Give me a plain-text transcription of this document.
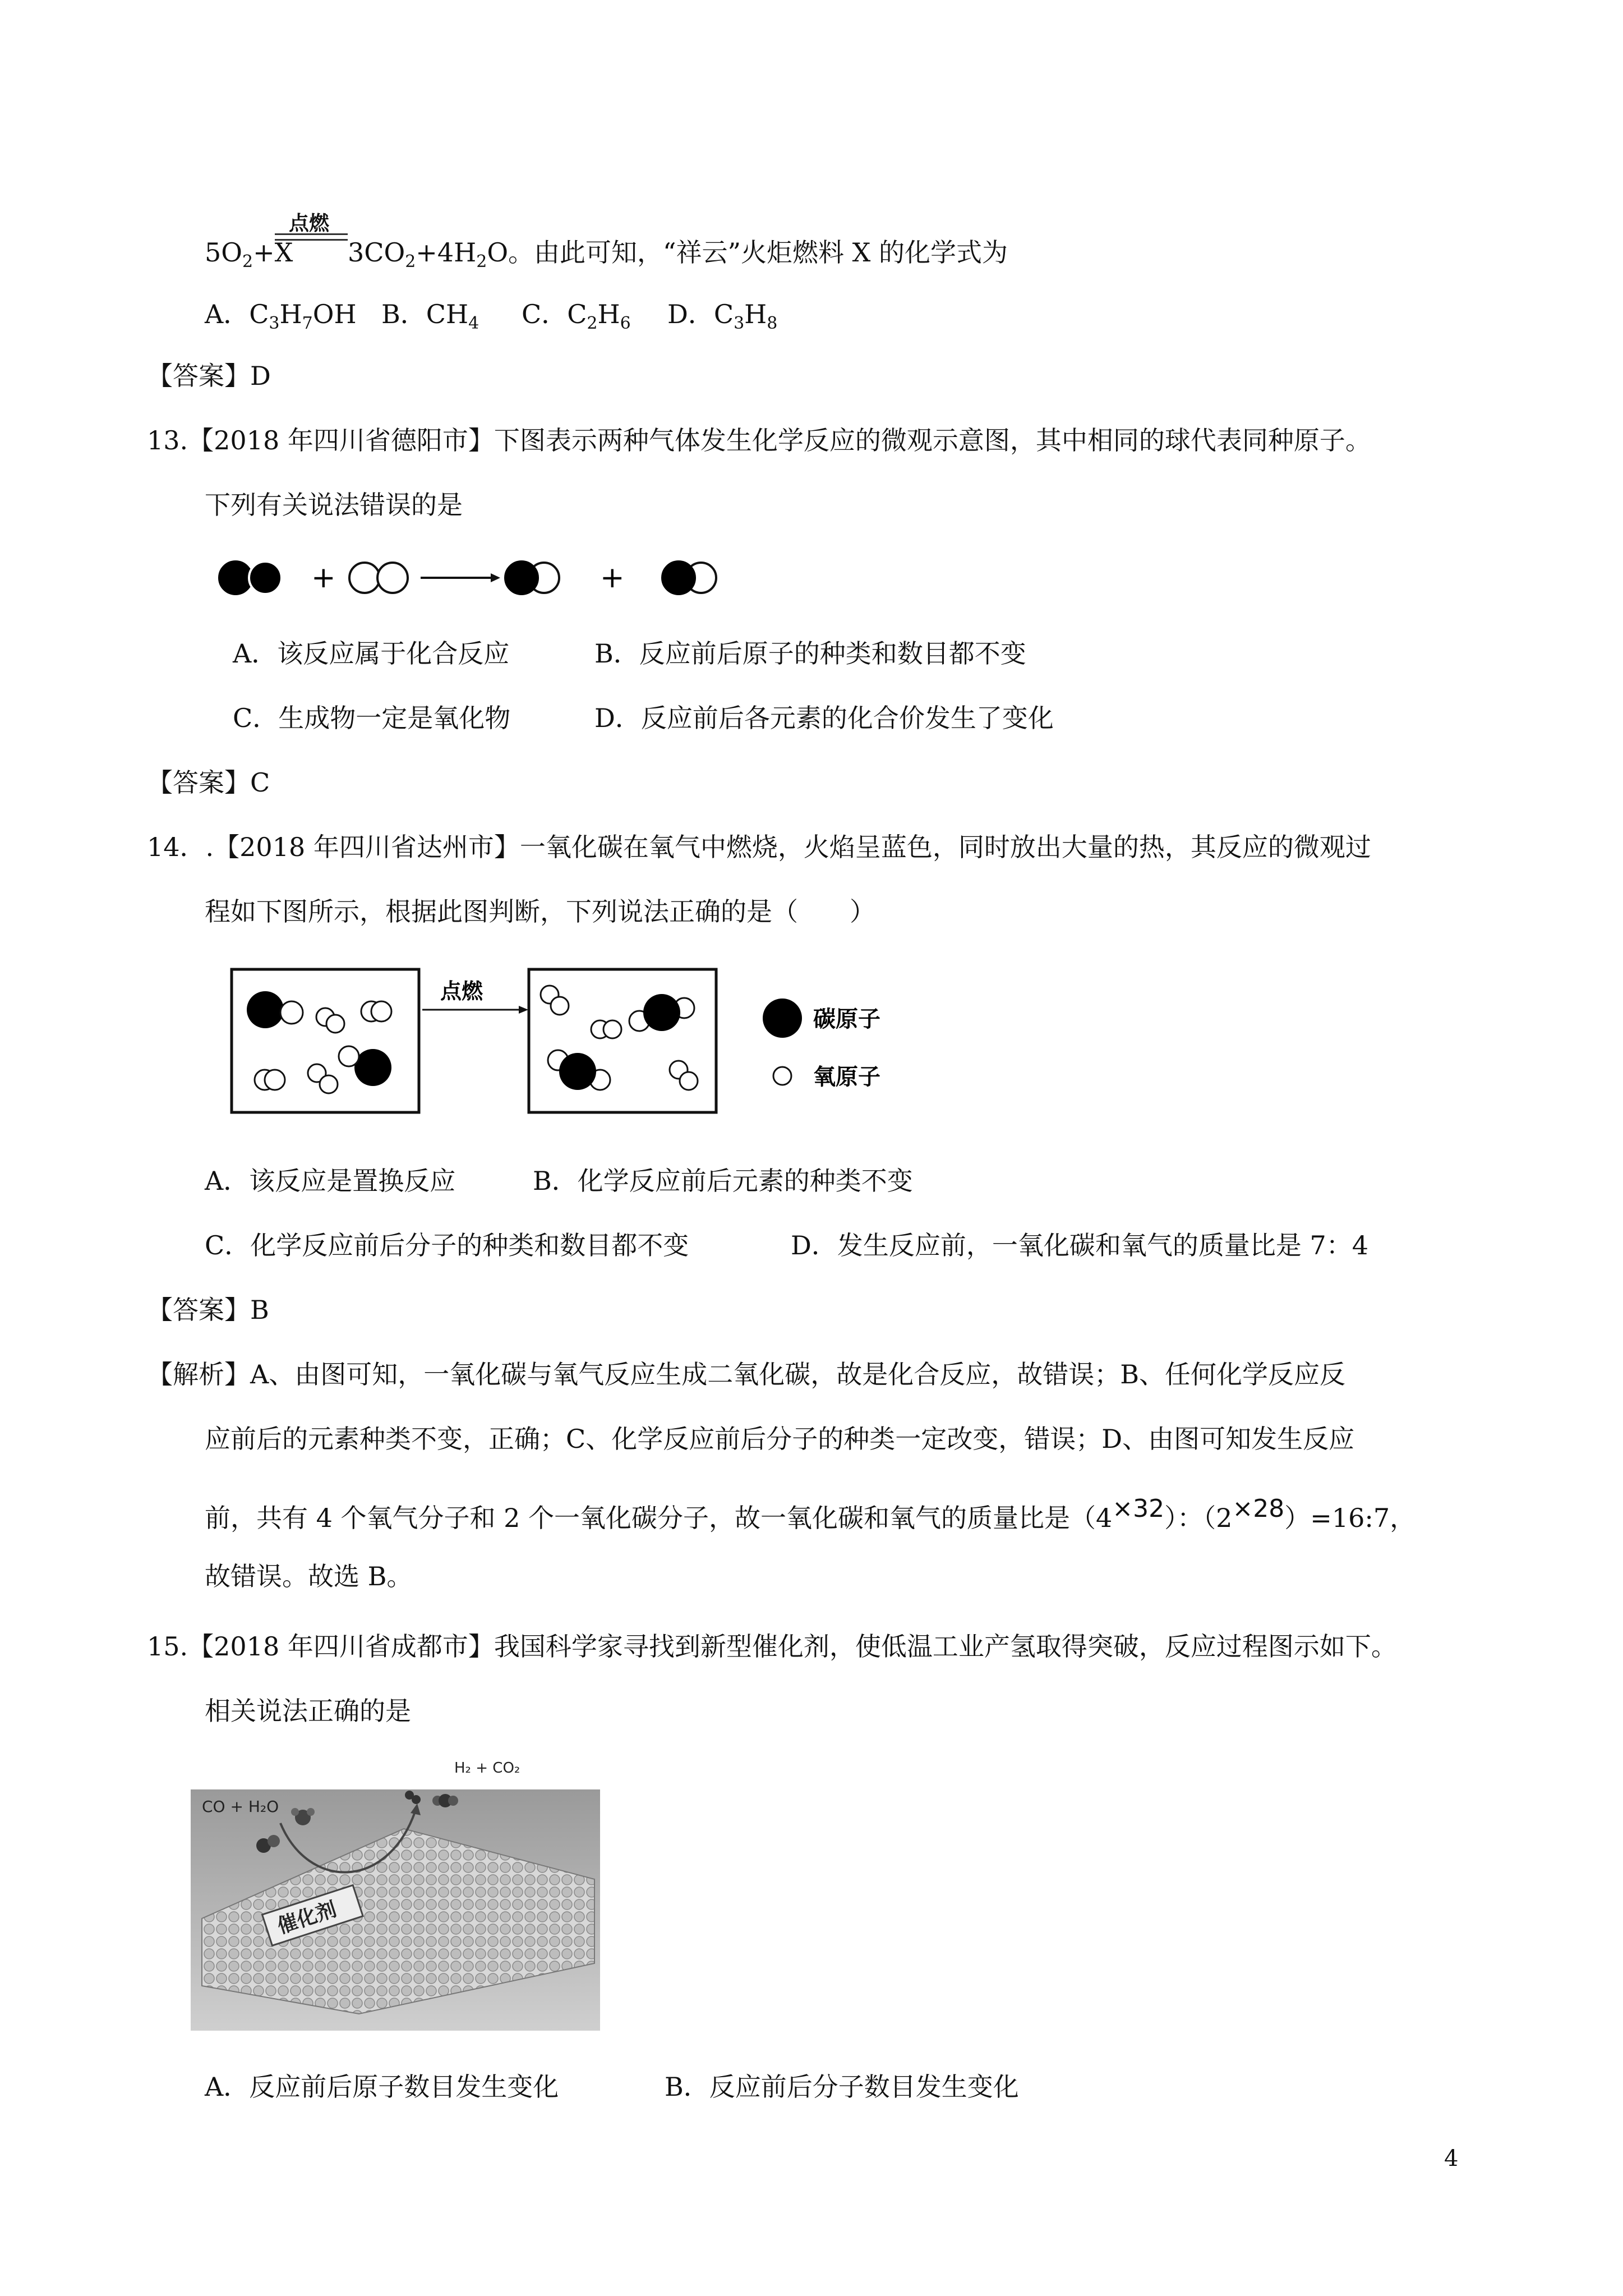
点燃
$5O_2+X$ $3CO_2+4H_2O$。由此可知，“祥云”火炬燃料 X 的化学式为
A．$C_3H_7OH$ B．$CH_4$ C．$C_2H_6$ D．$C_3H_8$
【答案】D
13.【2018 年四川省德阳市】下图表示两种气体发生化学反应的微观示意图，其中相同的球代表同种原子。
下列有关说法错误的是
+	+
A．该反应属于化合反应	B．反应前后原子的种类和数目都不变
C．生成物一定是氧化物	D．反应前后各元素的化合价发生了变化
【答案】C
14．.【2018 年四川省达州市】一氧化碳在氧气中燃烧，火焰呈蓝色，同时放出大量的热，其反应的微观过
程如下图所示，根据此图判断，下列说法正确的是（　　）
点燃
碳原子
氧原子
A．该反应是置换反应	B．化学反应前后元素的种类不变
C．化学反应前后分子的种类和数目都不变	D．发生反应前，一氧化碳和氧气的质量比是 7：4
【答案】B
【解析】A、由图可知，一氧化碳与氧气反应生成二氧化碳，故是化合反应，故错误；B、任何化学反应反
应前后的元素种类不变，正确；C、化学反应前后分子的种类一定改变，错误；D、由图可知发生反应
前，共有 4 个氧气分子和 2 个一氧化碳分子，故一氧化碳和氧气的质量比是（4×32）：（2×28）=16:7，
故错误。故选 B。
15.【2018 年四川省成都市】我国科学家寻找到新型催化剂，使低温工业产氢取得突破，反应过程图示如下。
相关说法正确的是
CO + H₂O
H₂ + CO₂
催化剂
A．反应前后原子数目发生变化	B．反应前后分子数目发生变化
4
